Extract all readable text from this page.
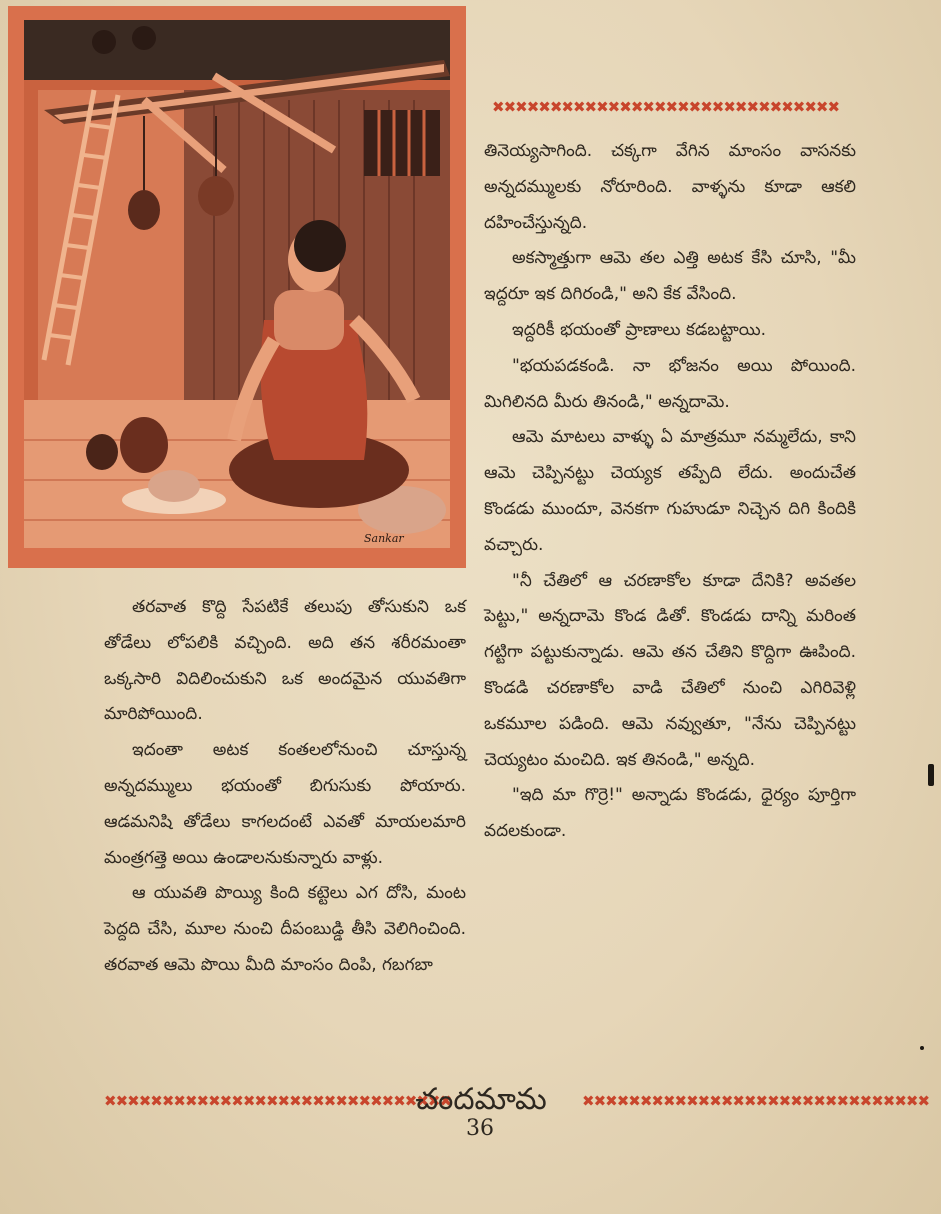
Sankar
✖✖✖✖✖✖✖✖✖✖✖✖✖✖✖✖✖✖✖✖✖✖✖✖✖✖✖✖✖✖

తరవాత కొద్ది సేపటికే తలుపు తోసుకుని ఒక తోడేలు లోపలికి వచ్చింది. అది తన శరీరమంతా ఒక్కసారి విదిలించుకుని ఒక అందమైన యువతిగా మారిపోయింది.

ఇదంతా అటక కంతలలోనుంచి చూస్తున్న అన్నదమ్ములు భయంతో బిగుసుకు పోయారు. ఆడమనిషి తోడేలు కాగలదంటే ఎవతో మాయలమారి మంత్రగత్తె అయి ఉండాలనుకున్నారు వాళ్లు.

ఆ యువతి పొయ్యి కింది కట్టెలు ఎగ దోసి, మంట పెద్దది చేసి, మూల నుంచి దీపంబుడ్డి తీసి వెలిగించింది. తరవాత ఆమె పొయి మీది మాంసం దింపి, గబగబా

తినెయ్యసాగింది. చక్కగా వేగిన మాంసం వాసనకు అన్నదమ్ములకు నోరూరింది. వాళ్ళను కూడా ఆకలి దహించేస్తున్నది.

అకస్మాత్తుగా ఆమె తల ఎత్తి అటక కేసి చూసి, "మీ ఇద్దరూ ఇక దిగిరండి," అని కేక వేసింది.

ఇద్దరికీ భయంతో ప్రాణాలు కడబట్టాయి.

"భయపడకండి. నా భోజనం అయి పోయింది. మిగిలినది మీరు తినండి," అన్నదామె.

ఆమె మాటలు వాళ్ళు ఏ మాత్రమూ నమ్మలేదు, కాని ఆమె చెప్పినట్టు చెయ్యక తప్పేది లేదు. అందుచేత కొండడు ముందూ, వెనకగా గుహుడూ నిచ్చెన దిగి కిందికి వచ్చారు.

"నీ చేతిలో ఆ చరణాకోల కూడా దేనికి? అవతల పెట్టు," అన్నదామె కొండ డితో. కొండడు దాన్ని మరింత గట్టిగా పట్టుకున్నాడు. ఆమె తన చేతిని కొద్దిగా ఊపింది. కొండడి చరణాకోల వాడి చేతిలో నుంచి ఎగిరివెళ్లి ఒకమూల పడింది. ఆమె నవ్వుతూ, "నేను చెప్పినట్టు చెయ్యటం మంచిది. ఇక తినండి," అన్నది.

"ఇది మా గొర్రె!" అన్నాడు కొండడు, ధైర్యం పూర్తిగా వదలకుండా.

✖✖✖✖✖✖✖✖✖✖✖✖✖✖✖✖✖✖✖✖✖✖✖✖✖✖✖✖✖✖
చందమామ	✖✖✖✖✖✖✖✖✖✖✖✖✖✖✖✖✖✖✖✖✖✖✖✖✖✖✖✖✖✖
36
